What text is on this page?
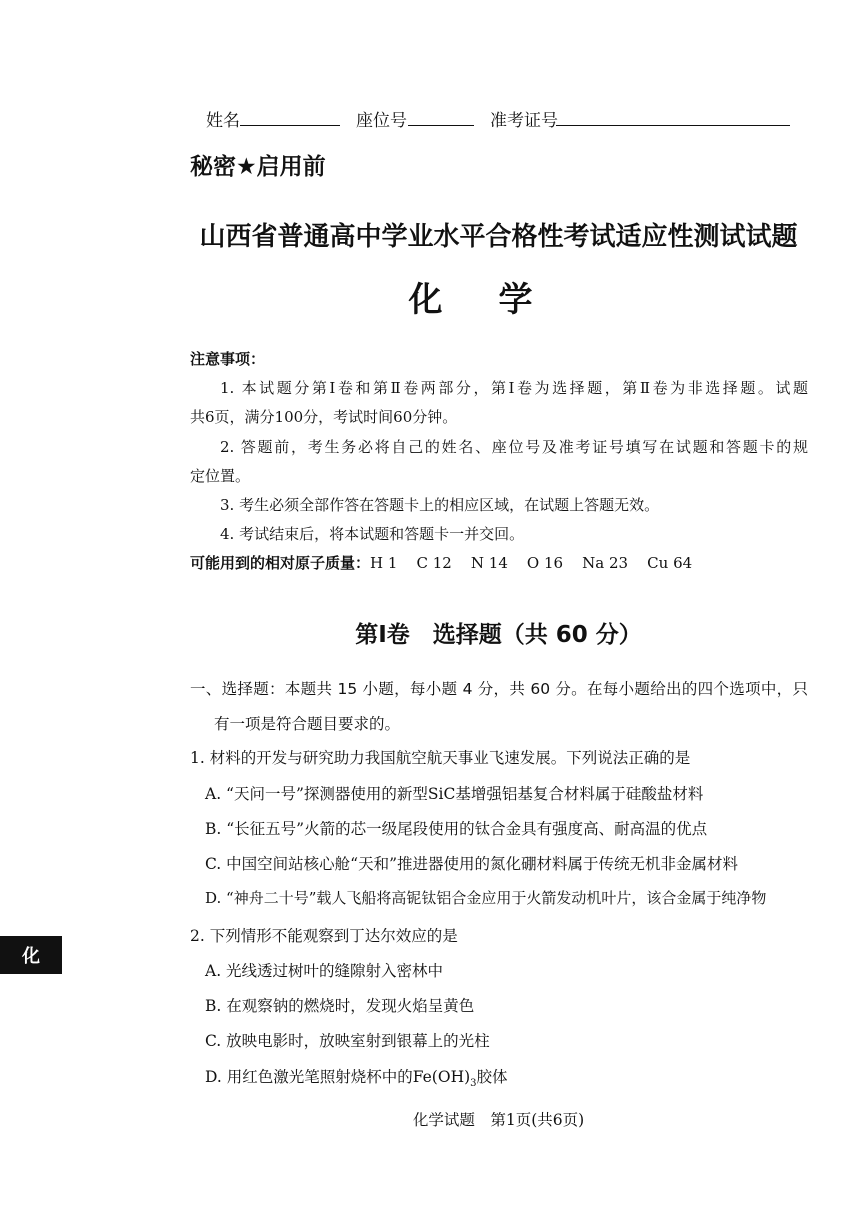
姓名	座位号	准考证号
秘密★启用前
山西省普通高中学业水平合格性考试适应性测试试题
化学
注意事项：
1. 本试题分第Ⅰ卷和第Ⅱ卷两部分，第Ⅰ卷为选择题，第Ⅱ卷为非选择题。试题
共6页，满分100分，考试时间60分钟。
2. 答题前，考生务必将自己的姓名、座位号及准考证号填写在试题和答题卡的规
定位置。
3. 考生必须全部作答在答题卡上的相应区域，在试题上答题无效。
4. 考试结束后，将本试题和答题卡一并交回。
可能用到的相对原子质量：H 1    C 12    N 14    O 16    Na 23    Cu 64
第Ⅰ卷　选择题（共 60 分）
一、选择题：本题共 15 小题，每小题 4 分，共 60 分。在每小题给出的四个选项中，只
有一项是符合题目要求的。
1. 材料的开发与研究助力我国航空航天事业飞速发展。下列说法正确的是
A. “天问一号”探测器使用的新型SiC基增强铝基复合材料属于硅酸盐材料
B. “长征五号”火箭的芯一级尾段使用的钛合金具有强度高、耐高温的优点
C. 中国空间站核心舱“天和”推进器使用的氮化硼材料属于传统无机非金属材料
D. “神舟二十号”载人飞船将高铌钛铝合金应用于火箭发动机叶片，该合金属于纯净物
2. 下列情形不能观察到丁达尔效应的是
A. 光线透过树叶的缝隙射入密林中
B. 在观察钠的燃烧时，发现火焰呈黄色
C. 放映电影时，放映室射到银幕上的光柱
D. 用红色激光笔照射烧杯中的$Fe(OH)_3$胶体
化
化学试题　第1页(共6页)
